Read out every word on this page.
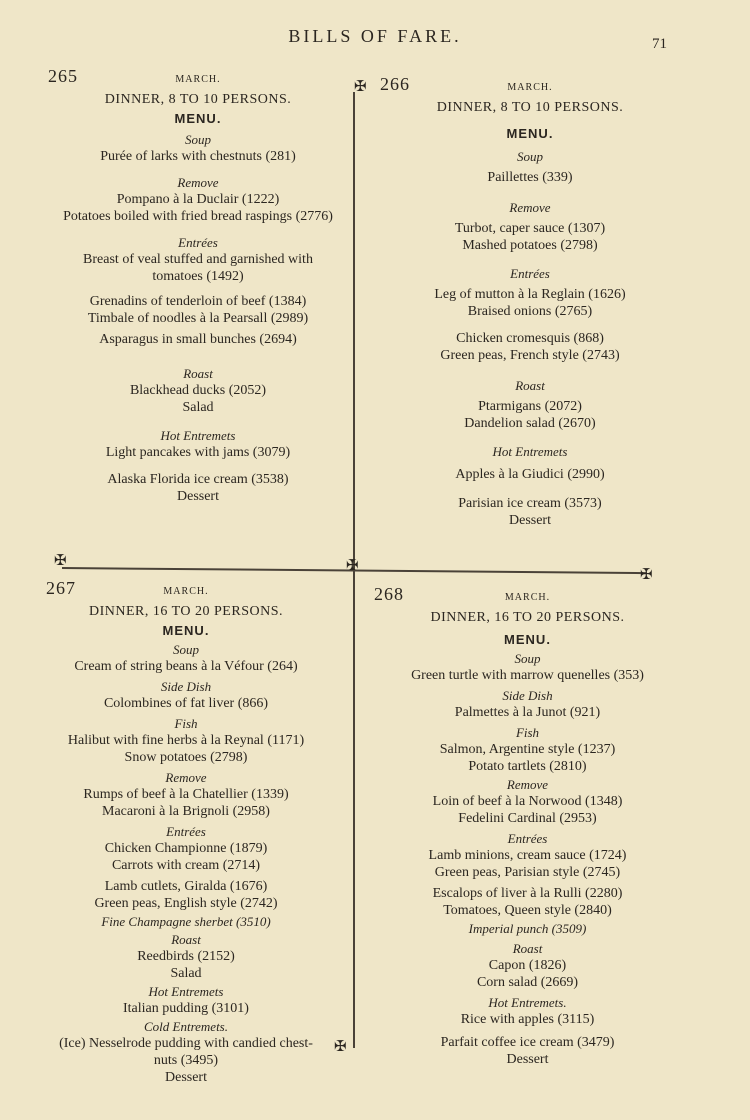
BILLS OF FARE.	71
✠
✠	✠
✠
✠
265	MARCH.
DINNER, 8 TO 10 PERSONS.
MENU.
Soup
Purée of larks with chestnuts (281)
Remove
Pompano à la Duclair (1222)
Potatoes boiled with fried bread raspings (2776)
Entrées
Breast of veal stuffed and garnished with
tomatoes (1492)
Grenadins of tenderloin of beef (1384)
Timbale of noodles à la Pearsall (2989)
Asparagus in small bunches (2694)
Roast
Blackhead ducks (2052)
Salad
Hot Entremets
Light pancakes with jams (3079)
Alaska Florida ice cream (3538)
Dessert
266	MARCH.
DINNER, 8 TO 10 PERSONS.
MENU.
Soup
Paillettes (339)
Remove
Turbot, caper sauce (1307)
Mashed potatoes (2798)
Entrées
Leg of mutton à la Reglain (1626)
Braised onions (2765)
Chicken cromesquis (868)
Green peas, French style (2743)
Roast
Ptarmigans (2072)
Dandelion salad (2670)
Hot Entremets
Apples à la Giudici (2990)
Parisian ice cream (3573)
Dessert
267	MARCH.
DINNER, 16 TO 20 PERSONS.
MENU.
Soup
Cream of string beans à la Véfour (264)
Side Dish
Colombines of fat liver (866)
Fish
Halibut with fine herbs à la Reynal (1171)
Snow potatoes (2798)
Remove
Rumps of beef à la Chatellier (1339)
Macaroni à la Brignoli (2958)
Entrées
Chicken Championne (1879)
Carrots with cream (2714)
Lamb cutlets, Giralda (1676)
Green peas, English style (2742)
Fine Champagne sherbet (3510)
Roast
Reedbirds (2152)
Salad
Hot Entremets
Italian pudding (3101)
Cold Entremets.
(Ice) Nesselrode pudding with candied chest-
nuts (3495)
Dessert
268	MARCH.
DINNER, 16 TO 20 PERSONS.
MENU.
Soup
Green turtle with marrow quenelles (353)
Side Dish
Palmettes à la Junot (921)
Fish
Salmon, Argentine style (1237)
Potato tartlets (2810)
Remove
Loin of beef à la Norwood (1348)
Fedelini Cardinal (2953)
Entrées
Lamb minions, cream sauce (1724)
Green peas, Parisian style (2745)
Escalops of liver à la Rulli (2280)
Tomatoes, Queen style (2840)
Imperial punch (3509)
Roast
Capon (1826)
Corn salad (2669)
Hot Entremets.
Rice with apples (3115)
Parfait coffee ice cream (3479)
Dessert
